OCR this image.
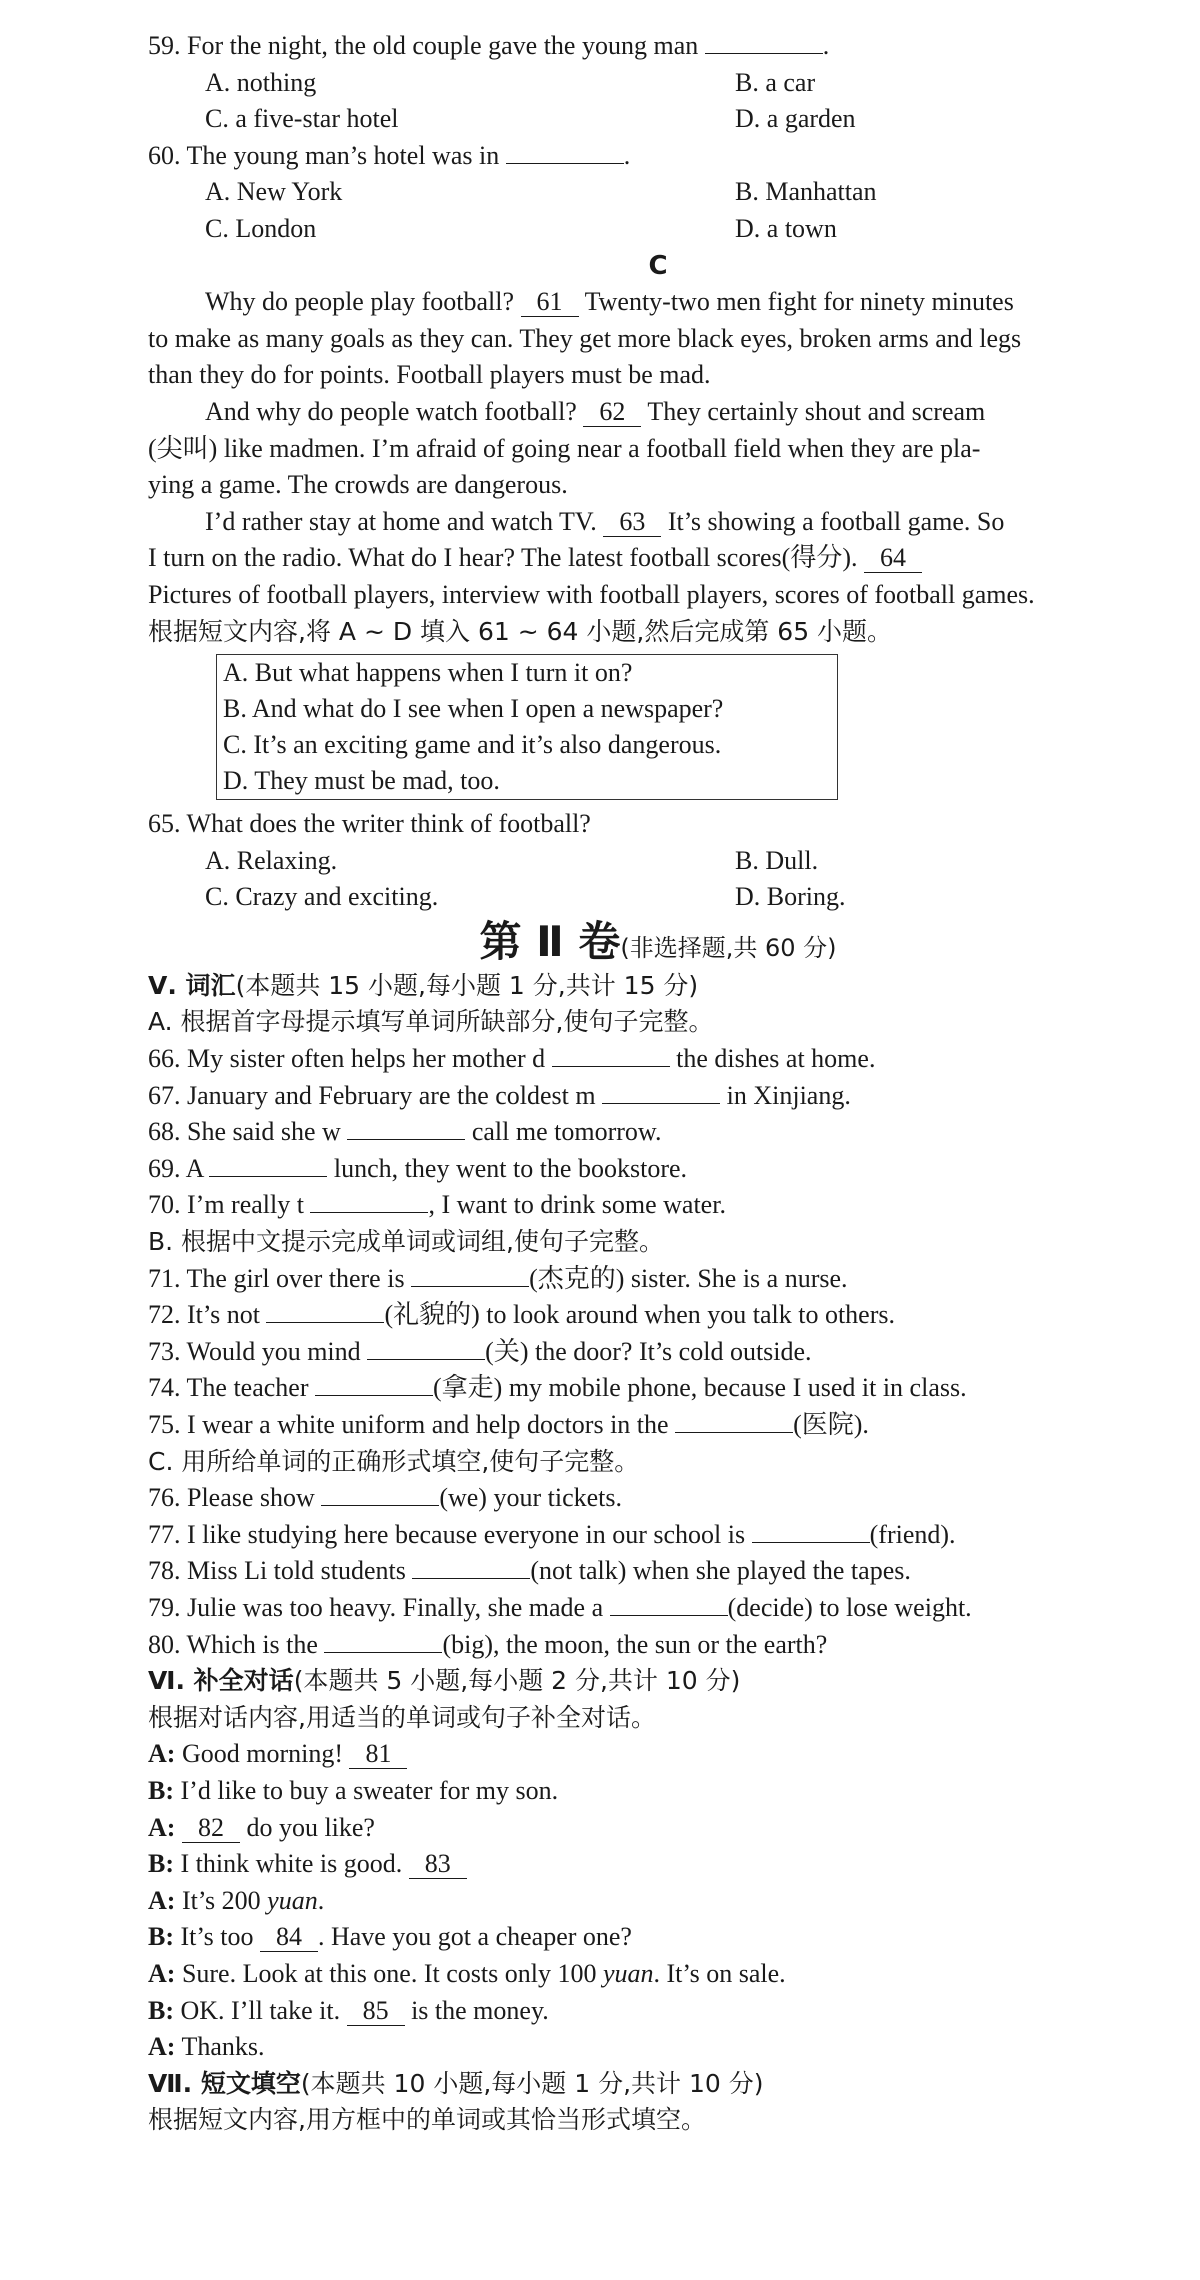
59. For the night, the old couple gave the young man	.
A. nothing	B. a car
C. a five-star hotel	D. a garden
60. The young man’s hotel was in	.
A. New York	B. Manhattan
C. London	D. a town
C
Why do people play football? 61 Twenty-two men fight for ninety minutes
to make as many goals as they can. They get more black eyes, broken arms and legs
than they do for points. Football players must be mad.
And why do people watch football? 62 They certainly shout and scream
(尖叫) like madmen. I’m afraid of going near a football field when they are pla-
ying a game. The crowds are dangerous.
I’d rather stay at home and watch TV. 63 It’s showing a football game. So
I turn on the radio. What do I hear? The latest football scores(得分). 64
Pictures of football players, interview with football players, scores of football games.
根据短文内容,将 A ~ D 填入 61 ~ 64 小题,然后完成第 65 小题。
A. But what happens when I turn it on?
B. And what do I see when I open a newspaper?
C. It’s an exciting game and it’s also dangerous.
D. They must be mad, too.
65. What does the writer think of football?
A. Relaxing.	B. Dull.
C. Crazy and exciting.	D. Boring.
第 Ⅱ 卷(非选择题,共 60 分)
Ⅴ. 词汇(本题共 15 小题,每小题 1 分,共计 15 分)
A. 根据首字母提示填写单词所缺部分,使句子完整。
66. My sister often helps her mother d	the dishes at home.
67. January and February are the coldest m	in Xinjiang.
68. She said she w	call me tomorrow.
69. A	lunch, they went to the bookstore.
70. I’m really t	, I want to drink some water.
B. 根据中文提示完成单词或词组,使句子完整。
71. The girl over there is	(杰克的) sister. She is a nurse.
72. It’s not	(礼貌的) to look around when you talk to others.
73. Would you mind	(关) the door? It’s cold outside.
74. The teacher	(拿走) my mobile phone, because I used it in class.
75. I wear a white uniform and help doctors in the	(医院).
C. 用所给单词的正确形式填空,使句子完整。
76. Please show	(we) your tickets.
77. I like studying here because everyone in our school is	(friend).
78. Miss Li told students	(not talk) when she played the tapes.
79. Julie was too heavy. Finally, she made a	(decide) to lose weight.
80. Which is the	(big), the moon, the sun or the earth?
Ⅵ. 补全对话(本题共 5 小题,每小题 2 分,共计 10 分)
根据对话内容,用适当的单词或句子补全对话。
A: Good morning! 81
B: I’d like to buy a sweater for my son.
A: 82 do you like?
B: I think white is good. 83
A: It’s 200 yuan.
B: It’s too 84 . Have you got a cheaper one?
A: Sure. Look at this one. It costs only 100 yuan. It’s on sale.
B: OK. I’ll take it. 85 is the money.
A: Thanks.
Ⅶ. 短文填空(本题共 10 小题,每小题 1 分,共计 10 分)
根据短文内容,用方框中的单词或其恰当形式填空。
